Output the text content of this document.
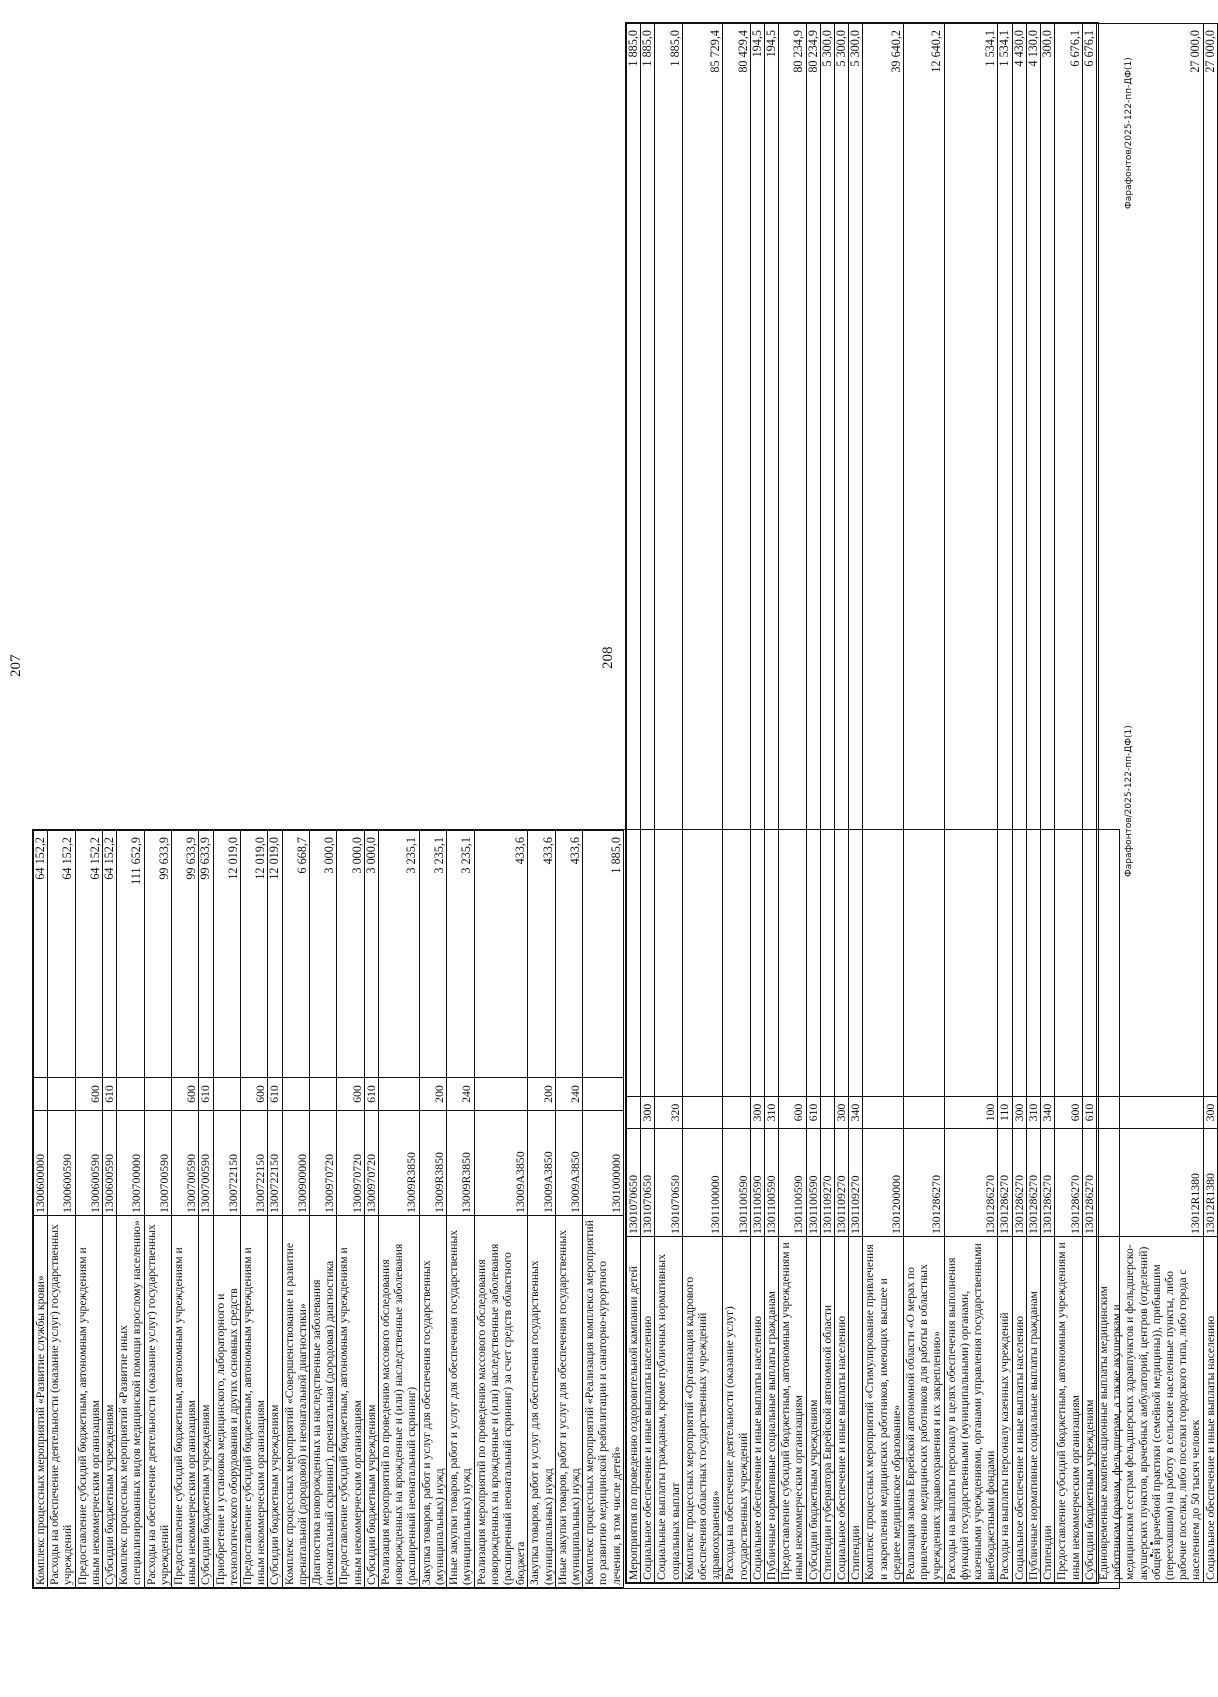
207
Комплекс процессных мероприятий «Развитие службы крови»	1300600000		64 152,2
Расходы на обеспечение деятельности (оказание услуг) государственных учреждений	1300600590		64 152,2
Предоставление субсидий бюджетным, автономным учреждениям и иным некоммерческим организациям	1300600590	600	64 152,2
Субсидии бюджетным учреждениям	1300600590	610	64 152,2
Комплекс процессных мероприятий «Развитие иных специализированных видов медицинской помощи взрослому населению»	1300700000		111 652,9
Расходы на обеспечение деятельности (оказание услуг) государственных учреждений	1300700590		99 633,9
Предоставление субсидий бюджетным, автономным учреждениям и иным некоммерческим организациям	1300700590	600	99 633,9
Субсидии бюджетным учреждениям	1300700590	610	99 633,9
Приобретение и установка медицинского, лабораторного и технологического оборудования и других основных средств	1300722150		12 019,0
Предоставление субсидий бюджетным, автономным учреждениям и иным некоммерческим организациям	1300722150	600	12 019,0
Субсидии бюджетным учреждениям	1300722150	610	12 019,0
Комплекс процессных мероприятий «Совершенствование и развитие пренатальной (дородовой) и неонатальной диагностики»	1300900000		6 668,7
Диагностика новорожденных на наследственные заболевания (неонатальный скрининг), пренатальная (дородовая) диагностика	1300970720		3 000,0
Предоставление субсидий бюджетным, автономным учреждениям и иным некоммерческим организациям	1300970720	600	3 000,0
Субсидии бюджетным учреждениям	1300970720	610	3 000,0
Реализация мероприятий по проведению массового обследования новорожденных на врожденные и (или) наследственные заболевания (расширенный неонатальный скрининг)	13009R3850		3 235,1
Закупка товаров, работ и услуг для обеспечения государственных (муниципальных) нужд	13009R3850	200	3 235,1
Иные закупки товаров, работ и услуг для обеспечения государственных (муниципальных) нужд	13009R3850	240	3 235,1
Реализация мероприятий по проведению массового обследования новорожденных на врожденные и (или) наследственные заболевания (расширенный неонатальный скрининг) за счет средств областного бюджета	13009A3850		433,6
Закупка товаров, работ и услуг для обеспечения государственных (муниципальных) нужд	13009A3850	200	433,6
Иные закупки товаров, работ и услуг для обеспечения государственных (муниципальных) нужд	13009A3850	240	433,6
Комплекс процессных мероприятий «Реализация комплекса мероприятий по развитию медицинской реабилитации и санаторно-курортного лечения, в том числе детей»	1301000000		1 885,0	Фарафонтов/2025-122-пп-ДФ(1)
208
Мероприятия по проведению оздоровительной кампании детей	1301070650		1 885,0
Социальное обеспечение и иные выплаты населению	1301070650	300	1 885,0
Социальные выплаты гражданам, кроме публичных нормативных социальных выплат	1301070650	320	1 885,0
Комплекс процессных мероприятий «Организация кадрового обеспечения областных государственных учреждений здравоохранения»	1301100000		85 729,4
Расходы на обеспечение деятельности (оказание услуг) государственных учреждений	1301100590		80 429,4
Социальное обеспечение и иные выплаты населению	1301100590	300	194,5
Публичные нормативные социальные выплаты гражданам	1301100590	310	194,5
Предоставление субсидий бюджетным, автономным учреждениям и иным некоммерческим организациям	1301100590	600	80 234,9
Субсидии бюджетным учреждениям	1301100590	610	80 234,9
Стипендии губернатора Еврейской автономной области	1301109270		5 300,0
Социальное обеспечение и иные выплаты населению	1301109270	300	5 300,0
Стипендии	1301109270	340	5 300,0
Комплекс процессных мероприятий «Стимулирование привлечения и закрепления медицинских работников, имеющих высшее и среднее медицинское образование»	1301200000		39 640,2
Реализация закона Еврейской автономной области «О мерах по привлечению медицинских работников для работы в областных учреждениях здравоохранения и их закреплению»	1301286270		12 640,2
Расходы на выплаты персоналу в целях обеспечения выполнения функций государственными (муниципальными) органами, казенными учреждениями, органами управления государственными внебюджетными фондами	1301286270	100	1 534,1
Расходы на выплаты персоналу казенных учреждений	1301286270	110	1 534,1
Социальное обеспечение и иные выплаты населению	1301286270	300	4 430,0
Публичные нормативные социальные выплаты гражданам	1301286270	310	4 130,0
Стипендии	1301286270	340	300,0
Предоставление субсидий бюджетным, автономным учреждениям и иным некоммерческим организациям	1301286270	600	6 676,1
Субсидии бюджетным учреждениям	1301286270	610	6 676,1
Единовременные компенсационные выплаты медицинским работникам (врачам, фельдшерам, а также акушеркам и медицинским сестрам фельдшерских здравпунктов и фельдшерско-акушерских пунктов, врачебных амбулаторий, центров (отделений) общей врачебной практики (семейной медицины)), прибывшим (переехавшим) на работу в сельские населенные пункты, либо рабочие поселки, либо поселки городского типа, либо города с населением до 50 тысяч человек	13012R1380		27 000,0
Социальное обеспечение и иные выплаты населению	13012R1380	300	27 000,0
Фарафонтов/2025-122-пп-ДФ(1)
